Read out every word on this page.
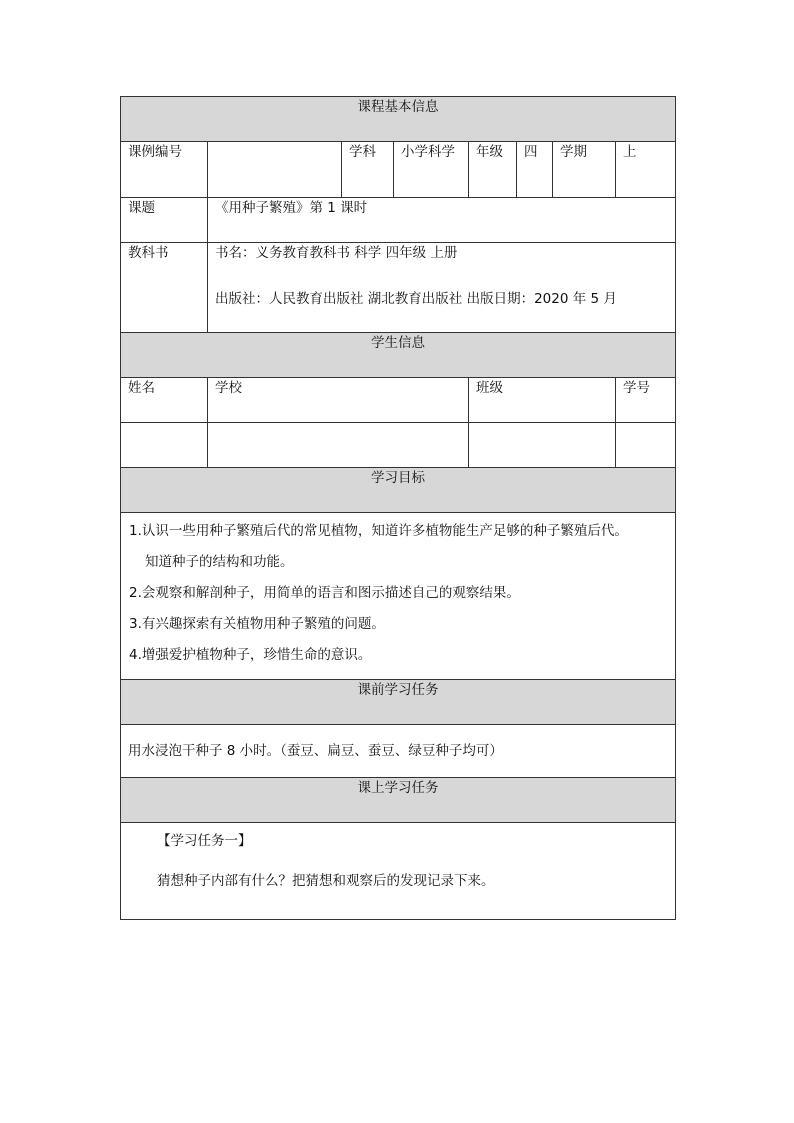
课程基本信息							
课例编号		学科	小学科学	年级	四	学期	上
课题	《用种子繁殖》第 1 课时						
教科书	书名：义务教育教科书 科学 四年级 上册
出版社：人民教育出版社 湖北教育出版社 出版日期：2020 年 5 月						

学生信息							
姓名	学校			班级			学号

学习目标							

1.认识一些用种子繁殖后代的常见植物，知道许多植物能生产足够的种子繁殖后代。
知道种子的结构和功能。
2.会观察和解剖种子，用简单的语言和图示描述自己的观察结果。
3.有兴趣探索有关植物用种子繁殖的问题。
4.增强爱护植物种子，珍惜生命的意识。							

课前学习任务							
用水浸泡干种子 8 小时。（蚕豆、扁豆、蚕豆、绿豆种子均可）							
课上学习任务							

【学习任务一】
猜想种子内部有什么？把猜想和观察后的发现记录下来。							
